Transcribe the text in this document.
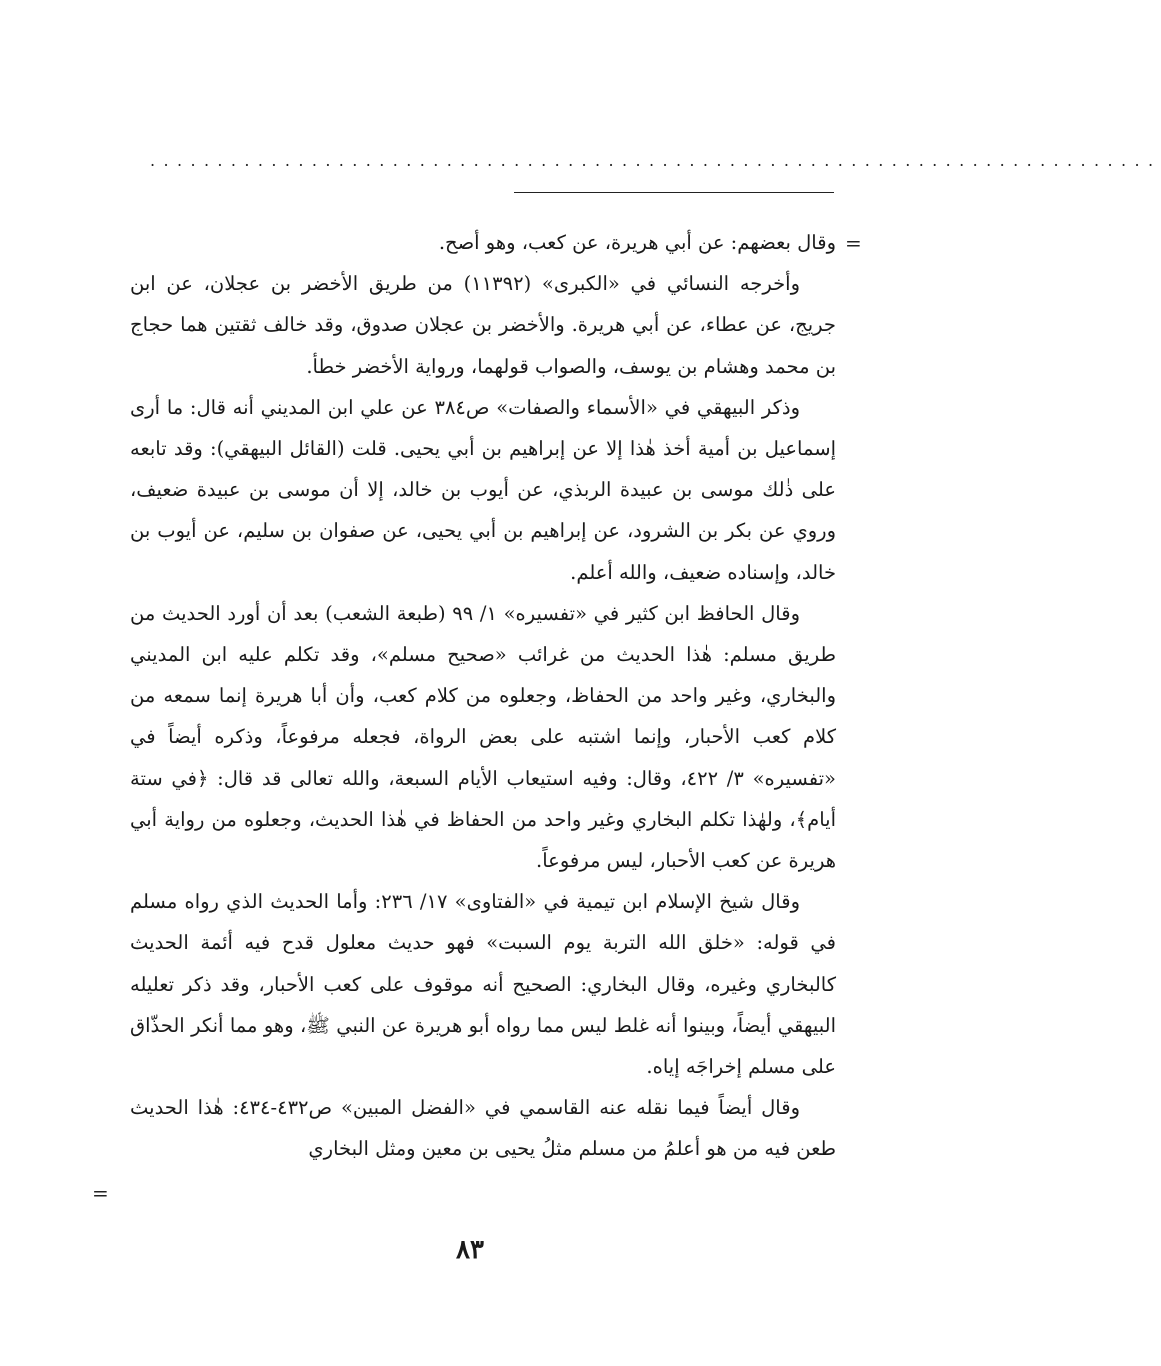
...........................................................................
=

وقال بعضهم: عن أبي هريرة، عن كعب، وهو أصح.

وأخرجه النسائي في «الكبرى» (١١٣٩٢) من طريق الأخضر بن عجلان، عن ابن جريج، عن عطاء، عن أبي هريرة. والأخضر بن عجلان صدوق، وقد خالف ثقتين هما حجاج بن محمد وهشام بن يوسف، والصواب قولهما، ورواية الأخضر خطأ.

وذكر البيهقي في «الأسماء والصفات» ص٣٨٤ عن علي ابن المديني أنه قال: ما أرى إسماعيل بن أمية أخذ هٰذا إلا عن إبراهيم بن أبي يحيى. قلت (القائل البيهقي): وقد تابعه على ذٰلك موسى بن عبيدة الربذي، عن أيوب بن خالد، إلا أن موسى بن عبيدة ضعيف، وروي عن بكر بن الشرود، عن إبراهيم بن أبي يحيى، عن صفوان بن سليم، عن أيوب بن خالد، وإسناده ضعيف، والله أعلم.

وقال الحافظ ابن كثير في «تفسيره» ١/ ٩٩ (طبعة الشعب) بعد أن أورد الحديث من طريق مسلم: هٰذا الحديث من غرائب «صحيح مسلم»، وقد تكلم عليه ابن المديني والبخاري، وغير واحد من الحفاظ، وجعلوه من كلام كعب، وأن أبا هريرة إنما سمعه من كلام كعب الأحبار، وإنما اشتبه على بعض الرواة، فجعله مرفوعاً، وذكره أيضاً في «تفسيره» ٣/ ٤٢٢، وقال: وفيه استيعاب الأيام السبعة، والله تعالى قد قال: ﴿في ستة أيام﴾، ولهٰذا تكلم البخاري وغير واحد من الحفاظ في هٰذا الحديث، وجعلوه من رواية أبي هريرة عن كعب الأحبار، ليس مرفوعاً.

وقال شيخ الإسلام ابن تيمية في «الفتاوى» ١٧/ ٢٣٦: وأما الحديث الذي رواه مسلم في قوله: «خلق الله التربة يوم السبت» فهو حديث معلول قدح فيه أئمة الحديث كالبخاري وغيره، وقال البخاري: الصحيح أنه موقوف على كعب الأحبار، وقد ذكر تعليله البيهقي أيضاً، وبينوا أنه غلط ليس مما رواه أبو هريرة عن النبي ﷺ، وهو مما أنكر الحذّاق على مسلم إخراجَه إياه.

وقال أيضاً فيما نقله عنه القاسمي في «الفضل المبين» ص٤٣٢-٤٣٤: هٰذا الحديث طعن فيه من هو أعلمُ من مسلم مثلُ يحيى بن معين ومثل البخاري

=
٨٣
